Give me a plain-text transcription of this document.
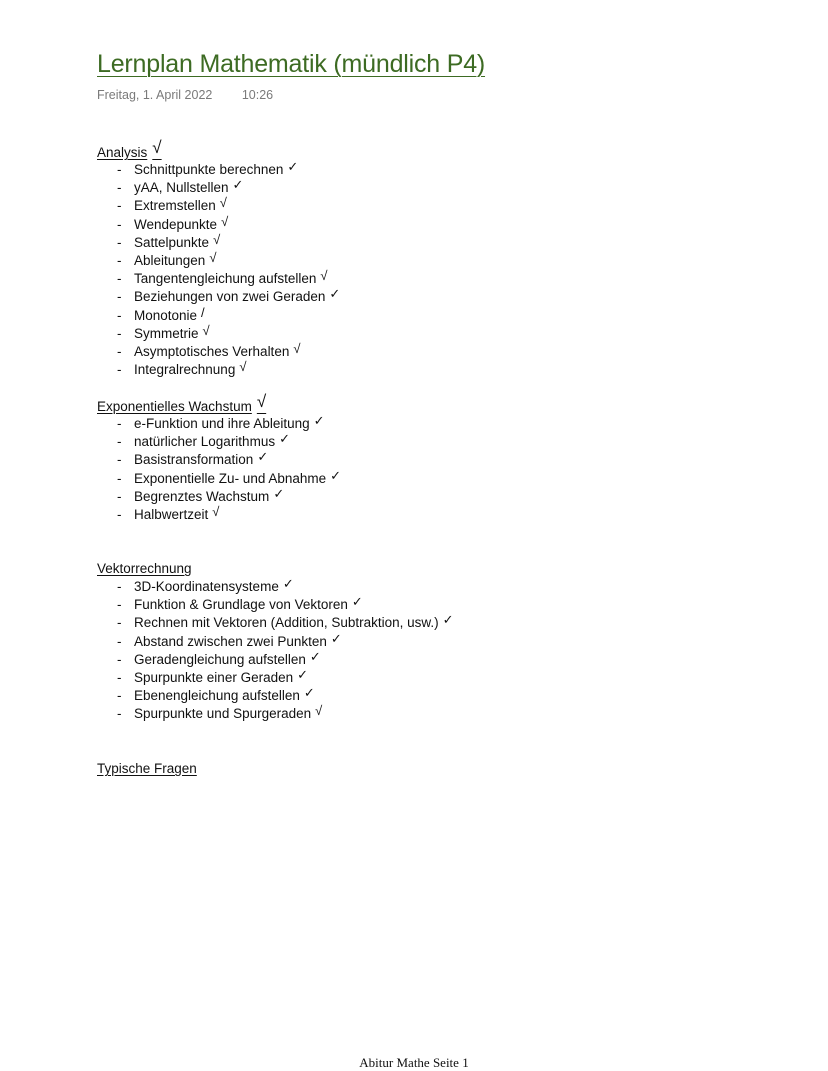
Lernplan Mathematik (mündlich P4)
Freitag, 1. April 2022 10:26
Analysis √
- Schnittpunkte berechnen ✓
- yAA, Nullstellen ✓
- Extremstellen √
- Wendepunkte √
- Sattelpunkte √
- Ableitungen √
- Tangentengleichung aufstellen √
- Beziehungen von zwei Geraden ✓
- Monotonie /
- Symmetrie √
- Asymptotisches Verhalten √
- Integralrechnung √
Exponentielles Wachstum √
- e-Funktion und ihre Ableitung ✓
- natürlicher Logarithmus ✓
- Basistransformation ✓
- Exponentielle Zu- und Abnahme ✓
- Begrenztes Wachstum ✓
- Halbwertzeit √
Vektorrechnung
- 3D-Koordinatensysteme ✓
- Funktion & Grundlage von Vektoren ✓
- Rechnen mit Vektoren (Addition, Subtraktion, usw.) ✓
- Abstand zwischen zwei Punkten ✓
- Geradengleichung aufstellen ✓
- Spurpunkte einer Geraden ✓
- Ebenengleichung aufstellen ✓
- Spurpunkte und Spurgeraden √
Typische Fragen
Abitur Mathe Seite 1
